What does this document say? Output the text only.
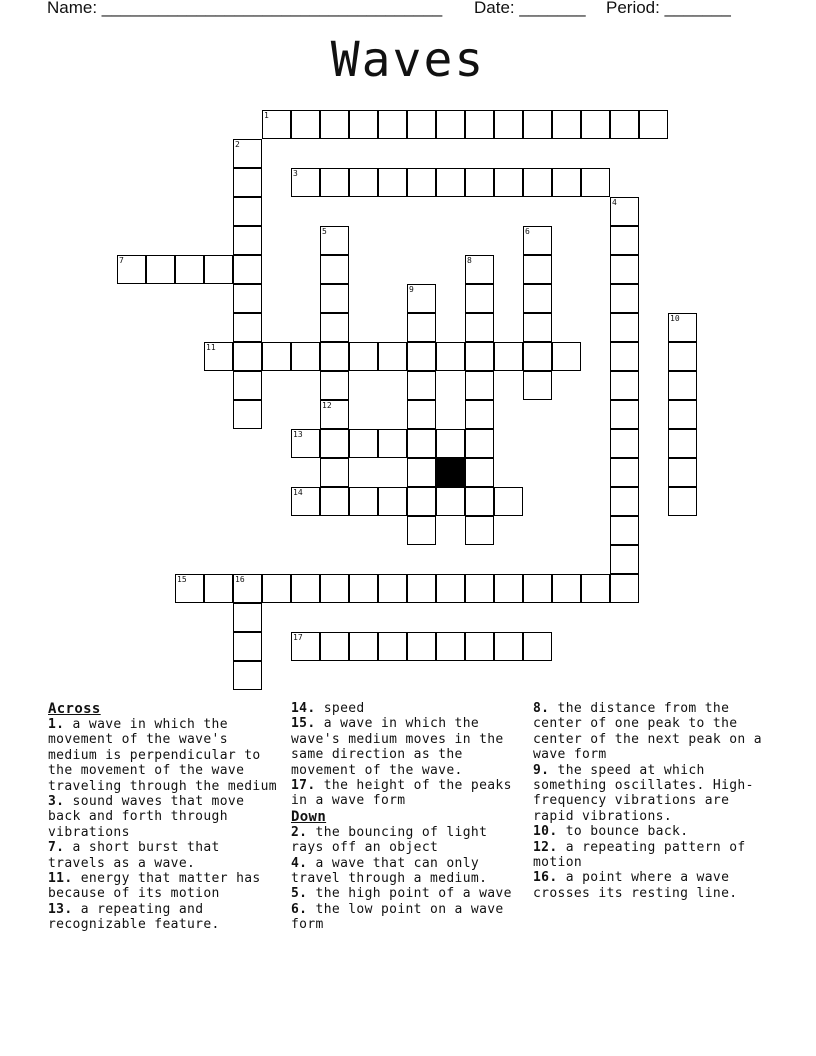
Name: ____________________________________ Date: _______ Period: _______
Waves
1
3
7
11
13
14
15	16
17
2
4
5
12
6
8
9
10
Across

1. a wave in which the movement of the wave's medium is perpendicular to the movement of the wave traveling through the medium

3. sound waves that move back and forth through vibrations

7. a short burst that travels as a wave.

11. energy that matter has because of its motion

13. a repeating and recognizable feature.

14. speed

15. a wave in which the wave's medium moves in the same direction as the movement of the wave.

17. the height of the peaks in a wave form

Down

2. the bouncing of light rays off an object

4. a wave that can only travel through a medium.

5. the high point of a wave

6. the low point on a wave form

8. the distance from the center of one peak to the center of the next peak on a wave form

9. the speed at which something oscillates. High-frequency vibrations are rapid vibrations.

10. to bounce back.

12. a repeating pattern of motion

16. a point where a wave crosses its resting line.
